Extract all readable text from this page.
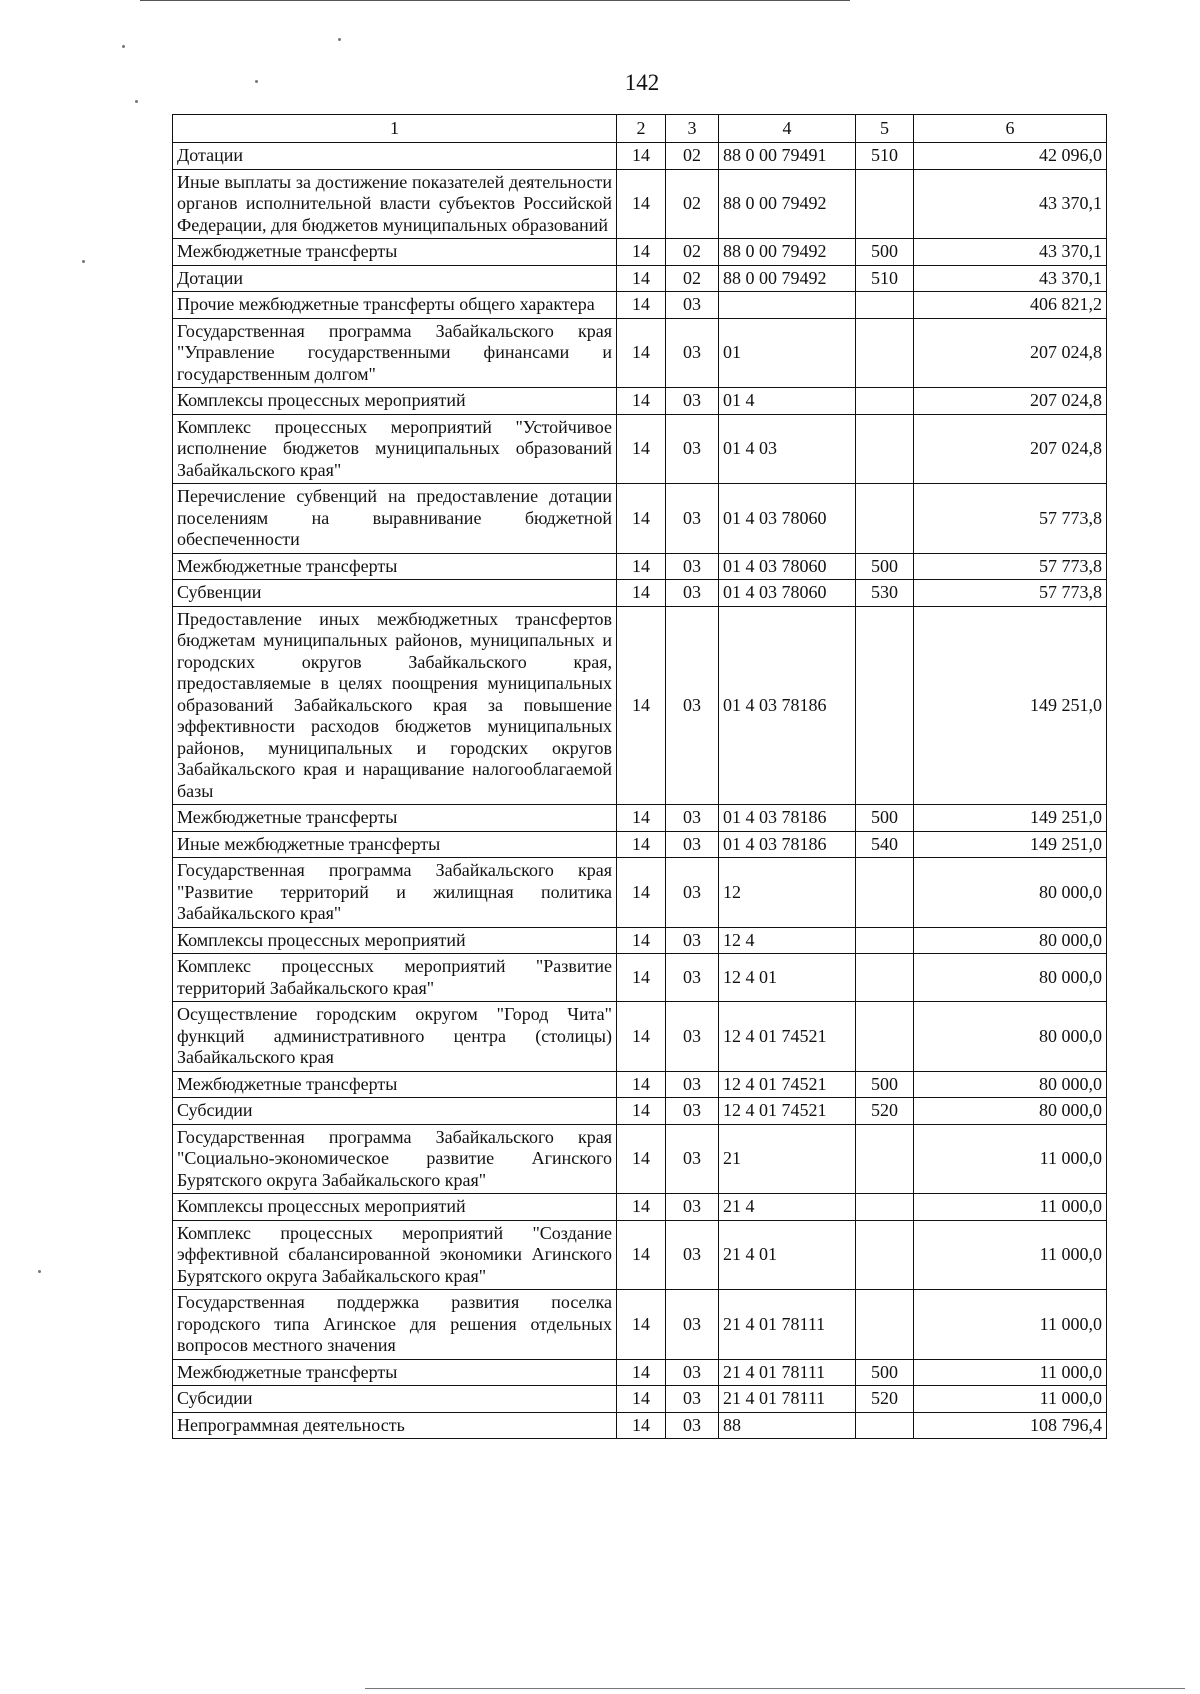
142
1	2	3	4	5	6
Дотации	14	02	88 0 00 79491	510	42 096,0
Иные выплаты за достижение показателей деятельности органов исполнительной власти субъектов Российской Федерации, для бюджетов муниципальных образований	14	02	88 0 00 79492		43 370,1
Межбюджетные трансферты	14	02	88 0 00 79492	500	43 370,1
Дотации	14	02	88 0 00 79492	510	43 370,1
Прочие межбюджетные трансферты общего характера	14	03			406 821,2
Государственная программа Забайкальского края "Управление государственными финансами и государственным долгом"	14	03	01		207 024,8
Комплексы процессных мероприятий	14	03	01 4		207 024,8
Комплекс процессных мероприятий "Устойчивое исполнение бюджетов муниципальных образований Забайкальского края"	14	03	01 4 03		207 024,8
Перечисление субвенций на предоставление дотации поселениям на выравнивание бюджетной обеспеченности	14	03	01 4 03 78060		57 773,8
Межбюджетные трансферты	14	03	01 4 03 78060	500	57 773,8
Субвенции	14	03	01 4 03 78060	530	57 773,8
Предоставление иных межбюджетных трансфертов бюджетам муниципальных районов, муниципальных и городских округов Забайкальского края, предоставляемые в целях поощрения муниципальных образований Забайкальского края за повышение эффективности расходов бюджетов муниципальных районов, муниципальных и городских округов Забайкальского края и наращивание налогооблагаемой базы	14	03	01 4 03 78186		149 251,0
Межбюджетные трансферты	14	03	01 4 03 78186	500	149 251,0
Иные межбюджетные трансферты	14	03	01 4 03 78186	540	149 251,0
Государственная программа Забайкальского края "Развитие территорий и жилищная политика Забайкальского края"	14	03	12		80 000,0
Комплексы процессных мероприятий	14	03	12 4		80 000,0
Комплекс процессных мероприятий "Развитие территорий Забайкальского края"	14	03	12 4 01		80 000,0
Осуществление городским округом "Город Чита" функций административного центра (столицы) Забайкальского края	14	03	12 4 01 74521		80 000,0
Межбюджетные трансферты	14	03	12 4 01 74521	500	80 000,0
Субсидии	14	03	12 4 01 74521	520	80 000,0
Государственная программа Забайкальского края "Социально-экономическое развитие Агинского Бурятского округа Забайкальского края"	14	03	21		11 000,0
Комплексы процессных мероприятий	14	03	21 4		11 000,0
Комплекс процессных мероприятий "Создание эффективной сбалансированной экономики Агинского Бурятского округа Забайкальского края"	14	03	21 4 01		11 000,0
Государственная поддержка развития поселка городского типа Агинское для решения отдельных вопросов местного значения	14	03	21 4 01 78111		11 000,0
Межбюджетные трансферты	14	03	21 4 01 78111	500	11 000,0
Субсидии	14	03	21 4 01 78111	520	11 000,0
Непрограммная деятельность	14	03	88		108 796,4
